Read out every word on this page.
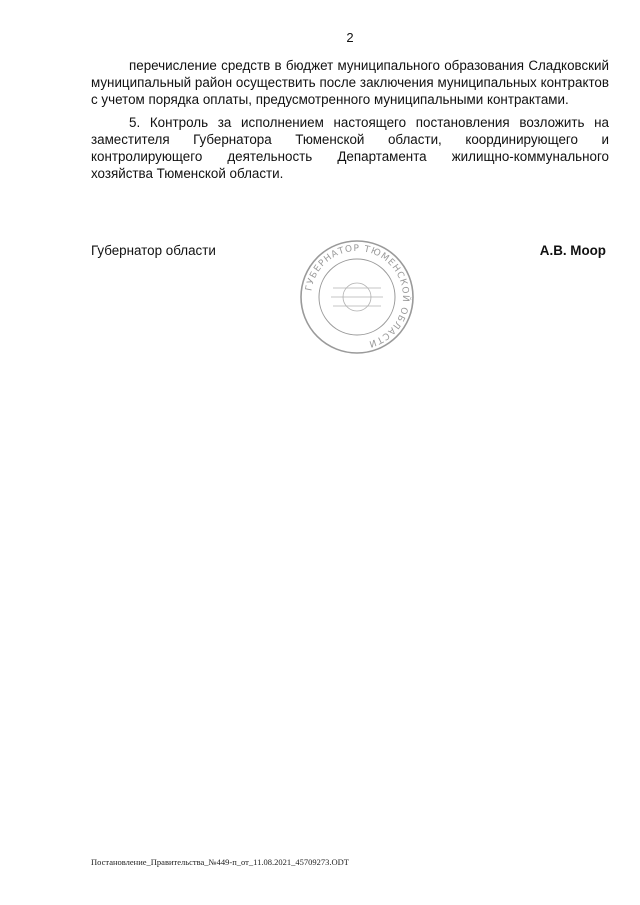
2

перечисление средств в бюджет муниципального образования Сладковский муниципальный район осуществить после заключения муниципальных контрактов с учетом порядка оплаты, предусмотренного муниципальными контрактами.

5. Контроль за исполнением настоящего постановления возложить на заместителя Губернатора Тюменской области, координирующего и контролирующего деятельность Департамента жилищно-коммунального хозяйства Тюменской области.

Губернатор области	А.В. Моор
ГУБЕРНАТОР ТЮМЕНСКОЙ ОБЛАСТИ
Постановление_Правительства_№449-п_от_11.08.2021_45709273.ODT
